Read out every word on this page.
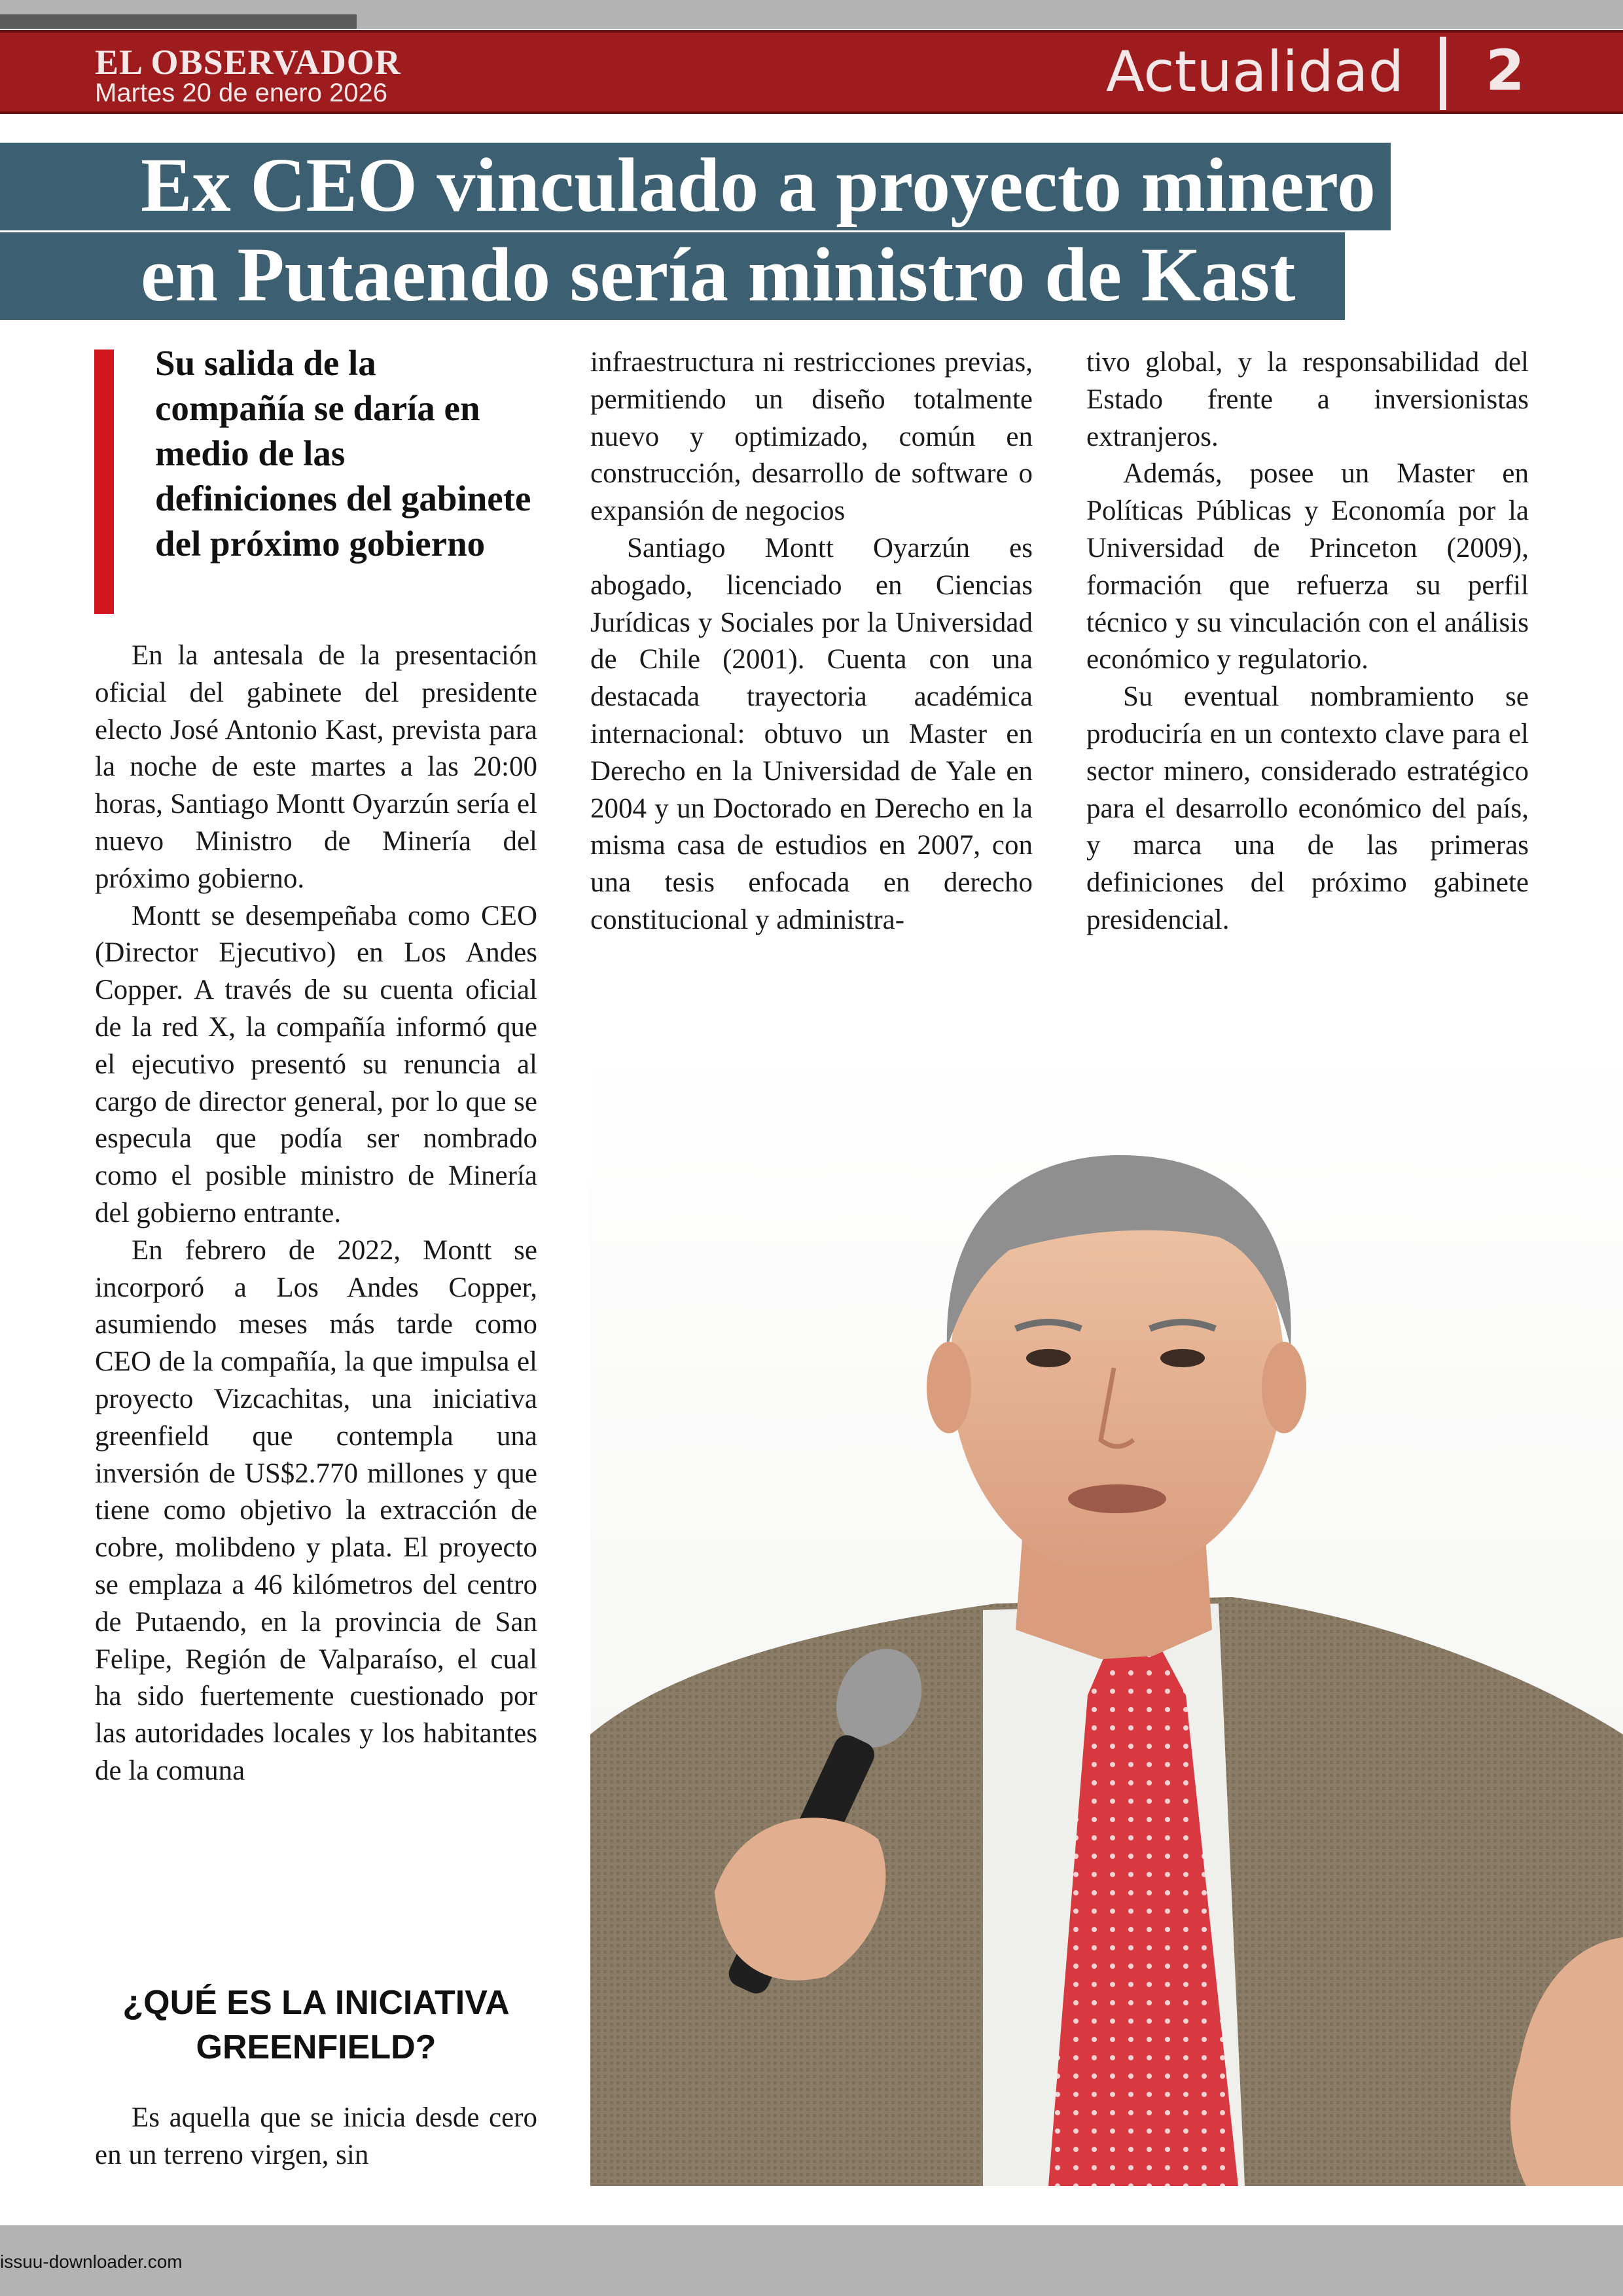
EL OBSERVADOR
Martes 20 de enero 2026	Actualidad 2
Ex CEO vinculado a proyecto minero
en Putaendo sería ministro de Kast
Su salida de la compañía se daría en medio de las definiciones del gabinete del próximo gobierno

En la antesala de la presentación oficial del gabinete del presidente electo José Antonio Kast, prevista para la noche de este martes a las 20:00 horas, Santiago Montt Oyarzún sería el nuevo Ministro de Minería del próximo gobierno.

Montt se desempeñaba como CEO (Director Ejecutivo) en Los Andes Copper. A través de su cuenta oficial de la red X, la compañía informó que el ejecutivo presentó su renuncia al cargo de director general, por lo que se especula que podía ser nombrado como el posible ministro de Minería del gobierno entrante.

En febrero de 2022, Montt se incorporó a Los Andes Copper, asumiendo meses más tarde como CEO de la compañía, la que impulsa el proyecto Vizcachitas, una iniciativa greenfield que contempla una inversión de US$2.770 millones y que tiene como objetivo la extracción de cobre, molibdeno y plata. El proyecto se emplaza a 46 kilómetros del centro de Putaendo, en la provincia de San Felipe, Región de Valparaíso, el cual ha sido fuertemente cuestionado por las autoridades locales y los habitantes de la comuna

¿QUÉ ES LA INICIATIVA GREENFIELD?

Es aquella que se inicia desde cero en un terreno virgen, sin

infraestructura ni restricciones previas, permitiendo un diseño totalmente nuevo y optimizado, común en construcción, desarrollo de software o expansión de negocios

Santiago Montt Oyarzún es abogado, licenciado en Ciencias Jurídicas y Sociales por la Universidad de Chile (2001). Cuenta con una destacada trayectoria académica internacional: obtuvo un Master en Derecho en la Universidad de Yale en 2004 y un Doctorado en Derecho en la misma casa de estudios en 2007, con una tesis enfocada en derecho constitucional y administra-

tivo global, y la responsabilidad del Estado frente a inversionistas extranjeros.

Además, posee un Master en Políticas Públicas y Economía por la Universidad de Princeton (2009), formación que refuerza su perfil técnico y su vinculación con el análisis económico y regulatorio.

Su eventual nombramiento se produciría en un contexto clave para el sector minero, considerado estratégico para el desarrollo económico del país, y marca una de las primeras definiciones del próximo gabinete presidencial.

issuu-downloader.com
